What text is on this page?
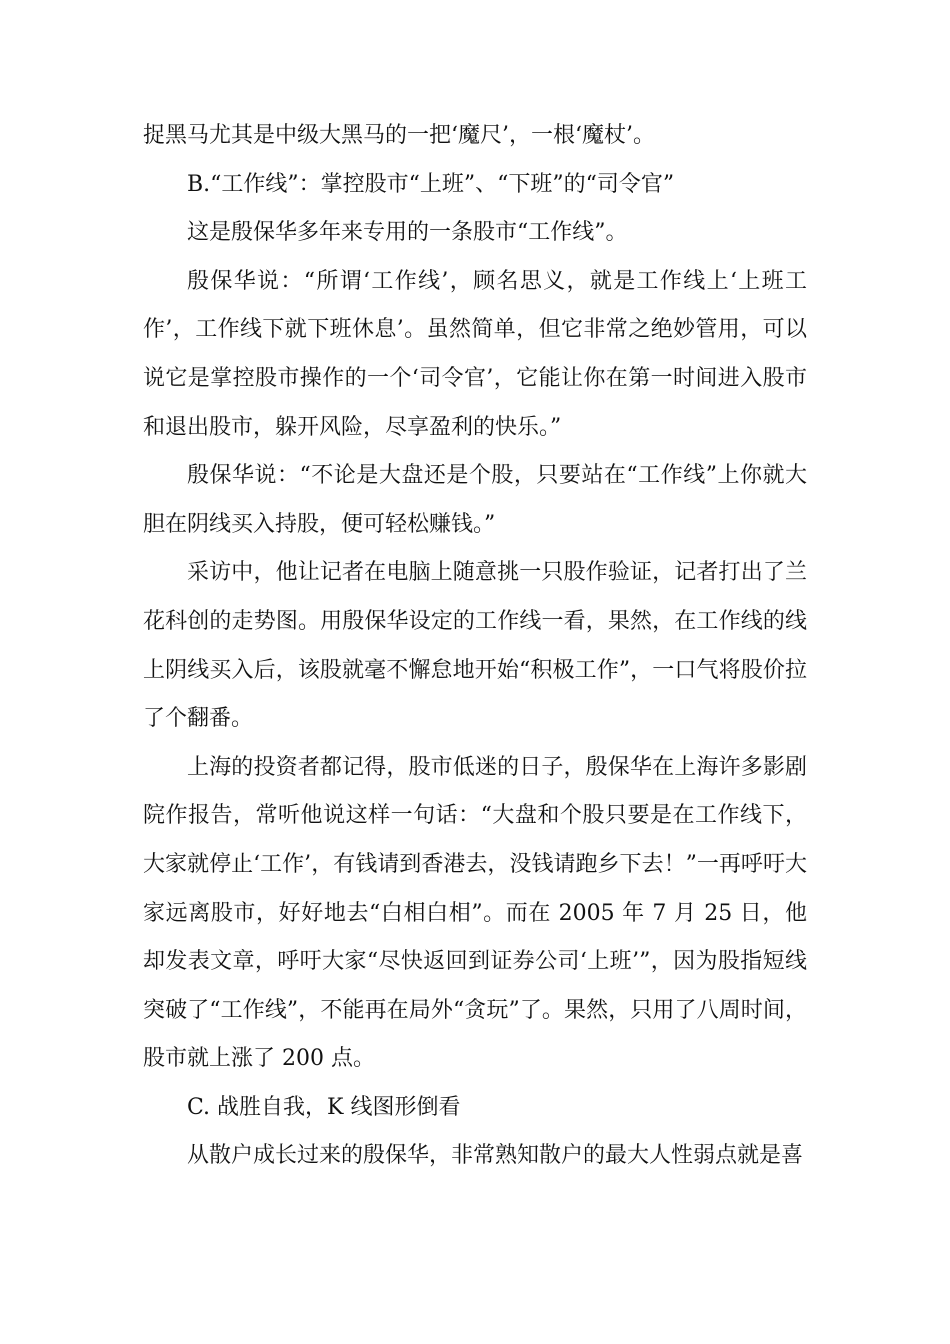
捉黑马尤其是中级大黑马的一把‘魔尺’，一根‘魔杖’。

B.“工作线”：掌控股市“上班”、“下班”的“司令官”

这是殷保华多年来专用的一条股市“工作线”。

殷保华说：“所谓‘工作线’，顾名思义，就是工作线上‘上班工作’，工作线下就下班休息’。虽然简单，但它非常之绝妙管用，可以说它是掌控股市操作的一个‘司令官’，它能让你在第一时间进入股市和退出股市，躲开风险，尽享盈利的快乐。”

殷保华说：“不论是大盘还是个股，只要站在“工作线”上你就大胆在阴线买入持股，便可轻松赚钱。”

采访中，他让记者在电脑上随意挑一只股作验证，记者打出了兰花科创的走势图。用殷保华设定的工作线一看，果然，在工作线的线上阴线买入后，该股就毫不懈怠地开始“积极工作”，一口气将股价拉了个翻番。

上海的投资者都记得，股市低迷的日子，殷保华在上海许多影剧院作报告，常听他说这样一句话：“大盘和个股只要是在工作线下，大家就停止‘工作’，有钱请到香港去，没钱请跑乡下去！”一再呼吁大家远离股市，好好地去“白相白相”。而在 2005 年 7 月 25 日，他却发表文章，呼吁大家“尽快返回到证券公司‘上班’”，因为股指短线突破了“工作线”，不能再在局外“贪玩”了。果然，只用了八周时间，股市就上涨了 200 点。

C. 战胜自我，K 线图形倒看

从散户成长过来的殷保华，非常熟知散户的最大人性弱点就是喜
